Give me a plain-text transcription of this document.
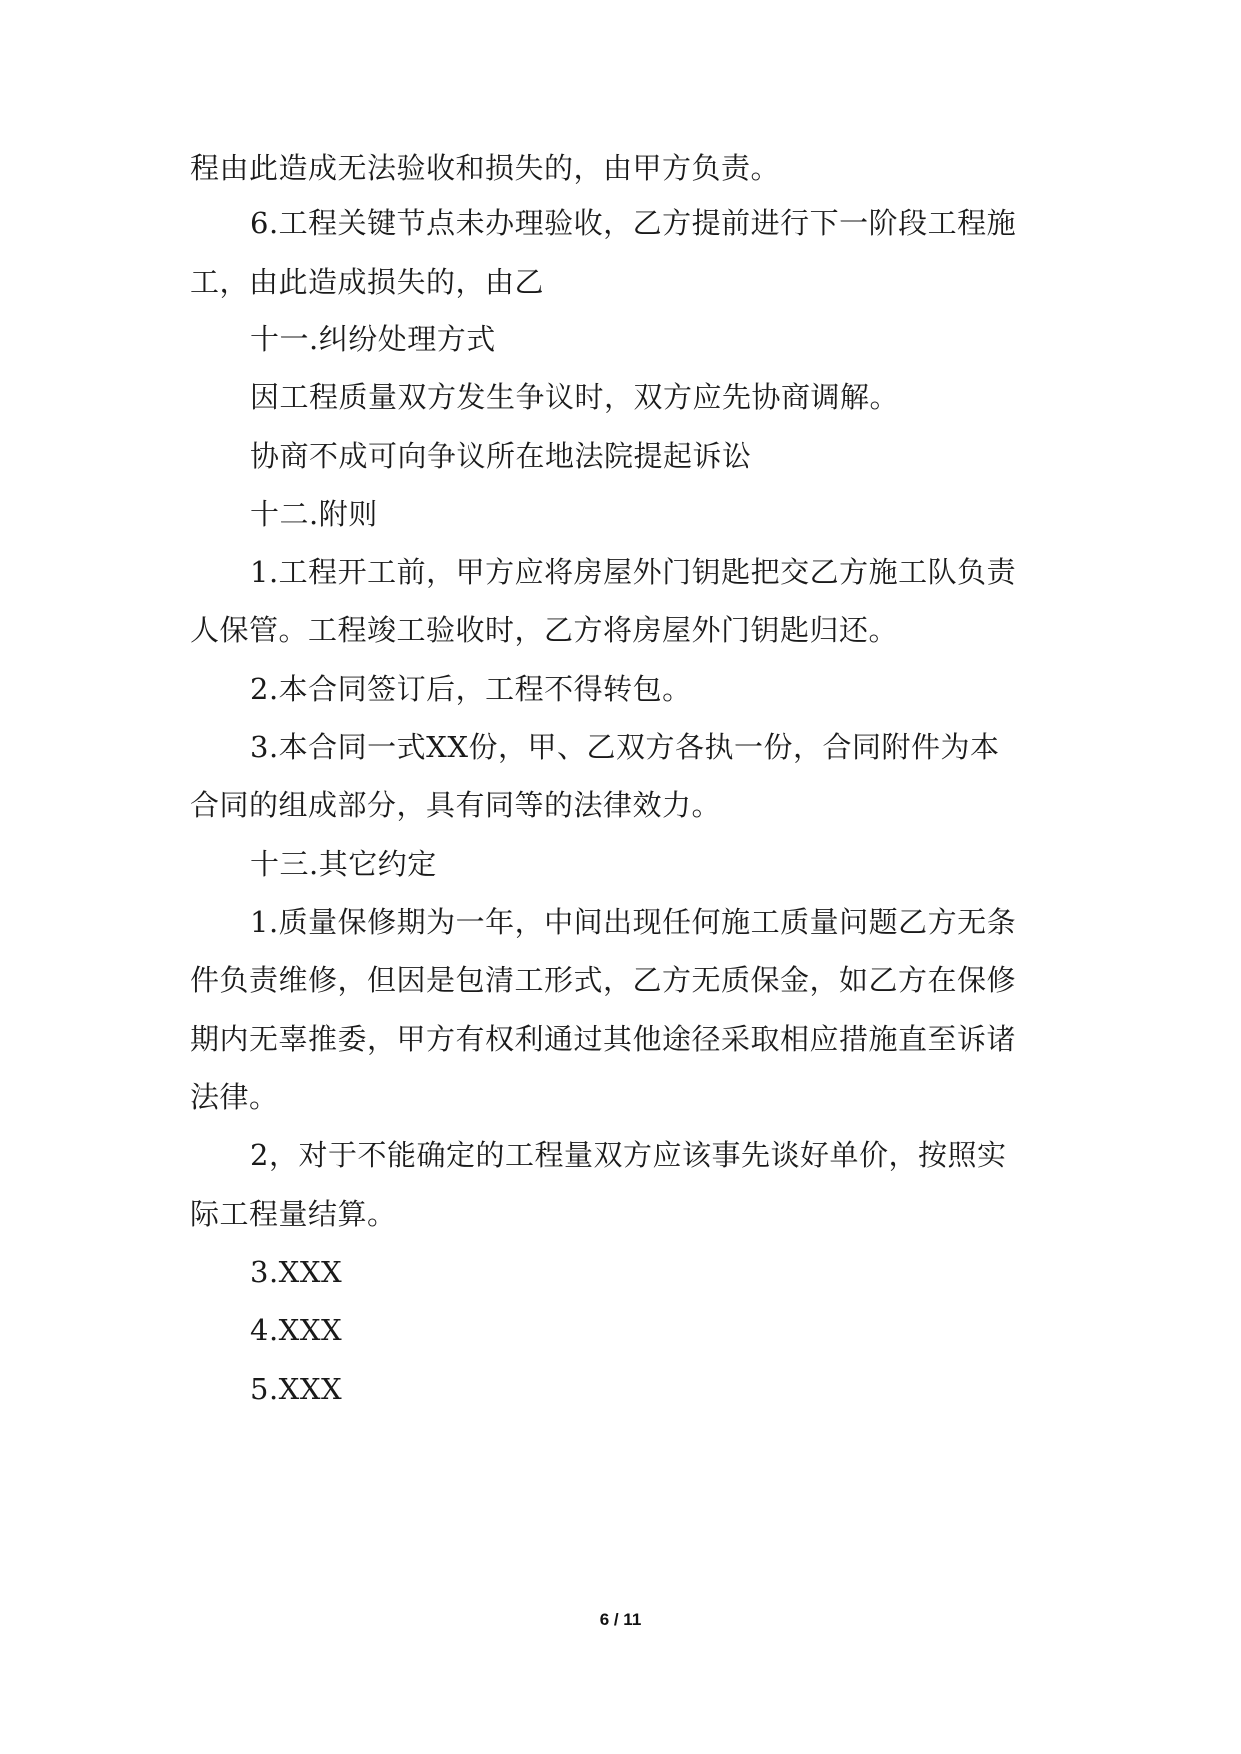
程由此造成无法验收和损失的，由甲方负责。
6.工程关键节点未办理验收，乙方提前进行下一阶段工程施
工，由此造成损失的，由乙
十一.纠纷处理方式
因工程质量双方发生争议时，双方应先协商调解。
协商不成可向争议所在地法院提起诉讼
十二.附则
1.工程开工前，甲方应将房屋外门钥匙把交乙方施工队负责
人保管。工程竣工验收时，乙方将房屋外门钥匙归还。
2.本合同签订后，工程不得转包。
3.本合同一式XX份，甲、乙双方各执一份，合同附件为本
合同的组成部分，具有同等的法律效力。
十三.其它约定
1.质量保修期为一年，中间出现任何施工质量问题乙方无条
件负责维修，但因是包清工形式，乙方无质保金，如乙方在保修
期内无辜推委，甲方有权利通过其他途径采取相应措施直至诉诸
法律。
2，对于不能确定的工程量双方应该事先谈好单价，按照实
际工程量结算。
3.XXX
4.XXX
5.XXX
6 / 11
